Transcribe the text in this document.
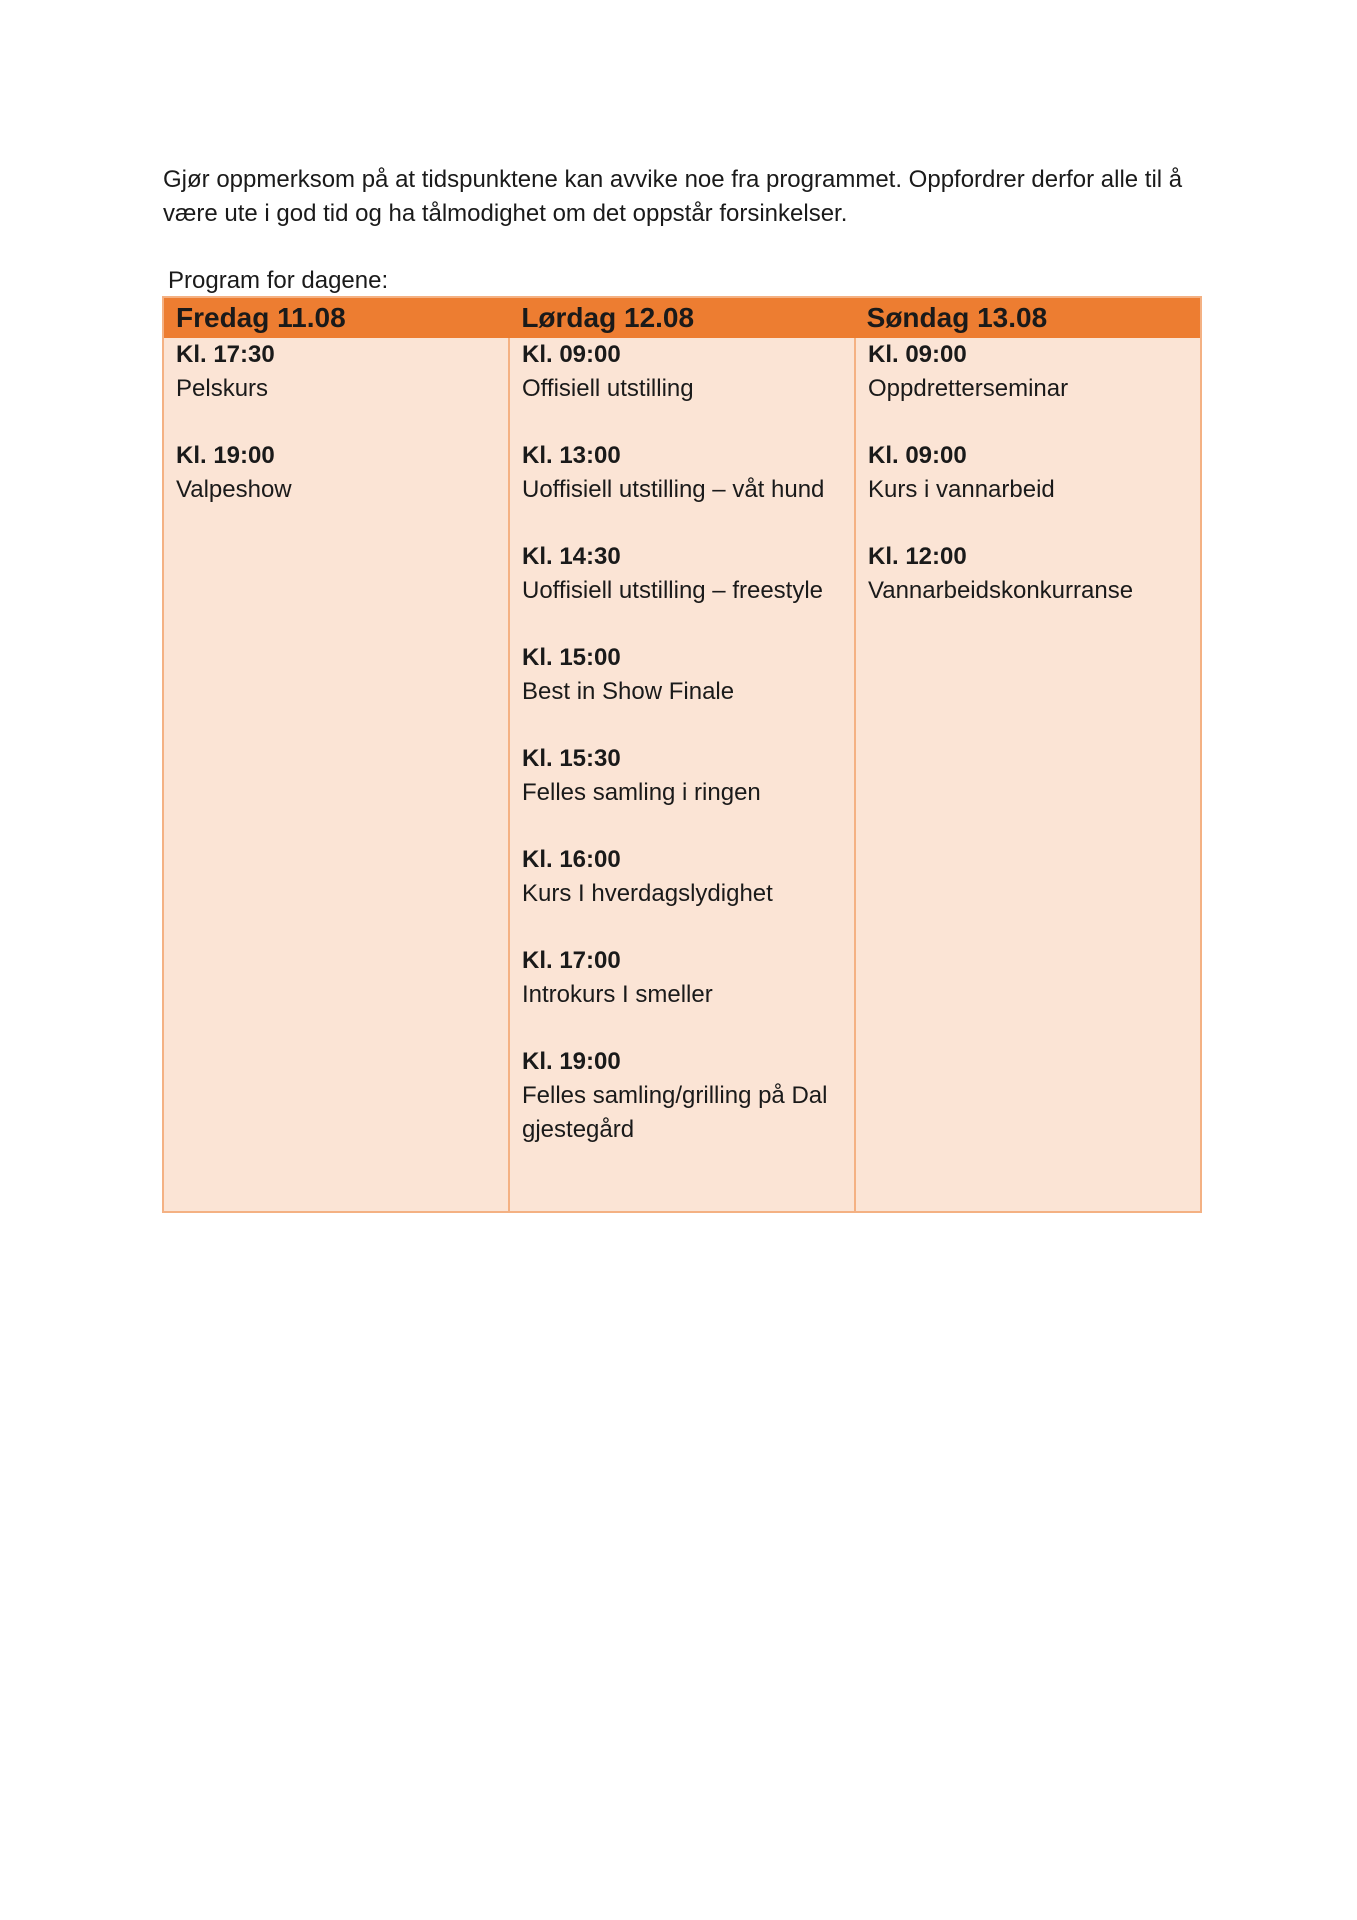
Gjør oppmerksom på at tidspunktene kan avvike noe fra programmet. Oppfordrer derfor alle til å være ute i god tid og ha tålmodighet om det oppstår forsinkelser.

Program for dagene:

Fredag 11.08	Lørdag 12.08	Søndag 13.08
Kl. 17:30
Pelskurs
Kl. 19:00
Valpeshow
Kl. 09:00
Offisiell utstilling
Kl. 13:00
Uoffisiell utstilling – våt hund
Kl. 14:30
Uoffisiell utstilling – freestyle
Kl. 15:00
Best in Show Finale
Kl. 15:30
Felles samling i ringen
Kl. 16:00
Kurs I hverdagslydighet
Kl. 17:00
Introkurs I smeller
Kl. 19:00
Felles samling/grilling på Dal gjestegård
Kl. 09:00
Oppdretterseminar
Kl. 09:00
Kurs i vannarbeid
Kl. 12:00
Vannarbeidskonkurranse
